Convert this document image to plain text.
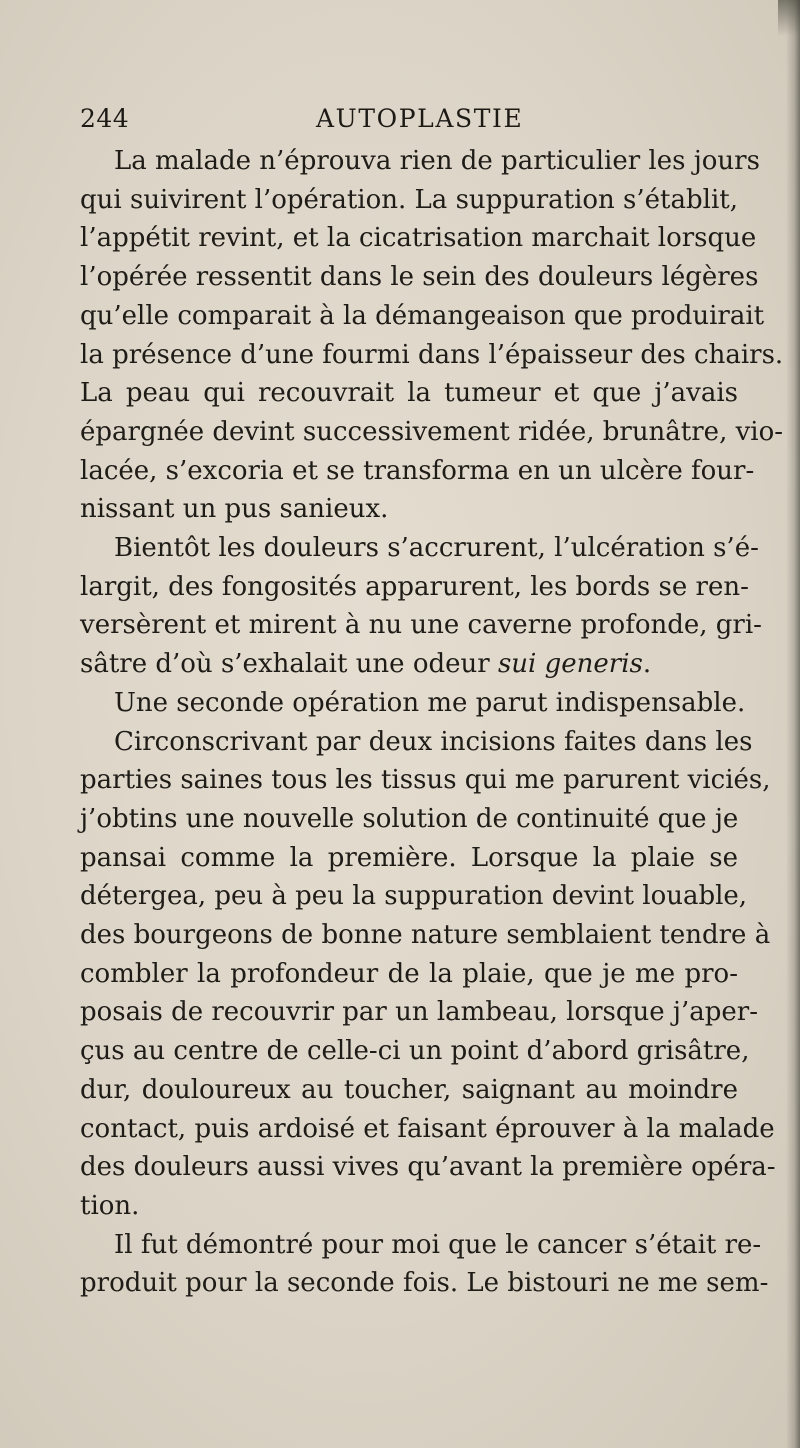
244	AUTOPLASTIE
La malade n’éprouva rien de particulier les jours
qui suivirent l’opération. La suppuration s’établit,
l’appétit revint, et la cicatrisation marchait lorsque
l’opérée ressentit dans le sein des douleurs légères
qu’elle comparait à la démangeaison que produirait
la présence d’une fourmi dans l’épaisseur des chairs.
La peau qui recouvrait la tumeur et que j’avais
épargnée devint successivement ridée, brunâtre, vio-
lacée, s’excoria et se transforma en un ulcère four-
nissant un pus sanieux.
Bientôt les douleurs s’accrurent, l’ulcération s’é-
largit, des fongosités apparurent, les bords se ren-
versèrent et mirent à nu une caverne profonde, gri-
sâtre d’où s’exhalait une odeur sui generis.
Une seconde opération me parut indispensable.
Circonscrivant par deux incisions faites dans les
parties saines tous les tissus qui me parurent viciés,
j’obtins une nouvelle solution de continuité que je
pansai comme la première. Lorsque la plaie se
détergea, peu à peu la suppuration devint louable,
des bourgeons de bonne nature semblaient tendre à
combler la profondeur de la plaie, que je me pro-
posais de recouvrir par un lambeau, lorsque j’aper-
çus au centre de celle-ci un point d’abord grisâtre,
dur, douloureux au toucher, saignant au moindre
contact, puis ardoisé et faisant éprouver à la malade
des douleurs aussi vives qu’avant la première opéra-
tion.
Il fut démontré pour moi que le cancer s’était re-
produit pour la seconde fois. Le bistouri ne me sem-
